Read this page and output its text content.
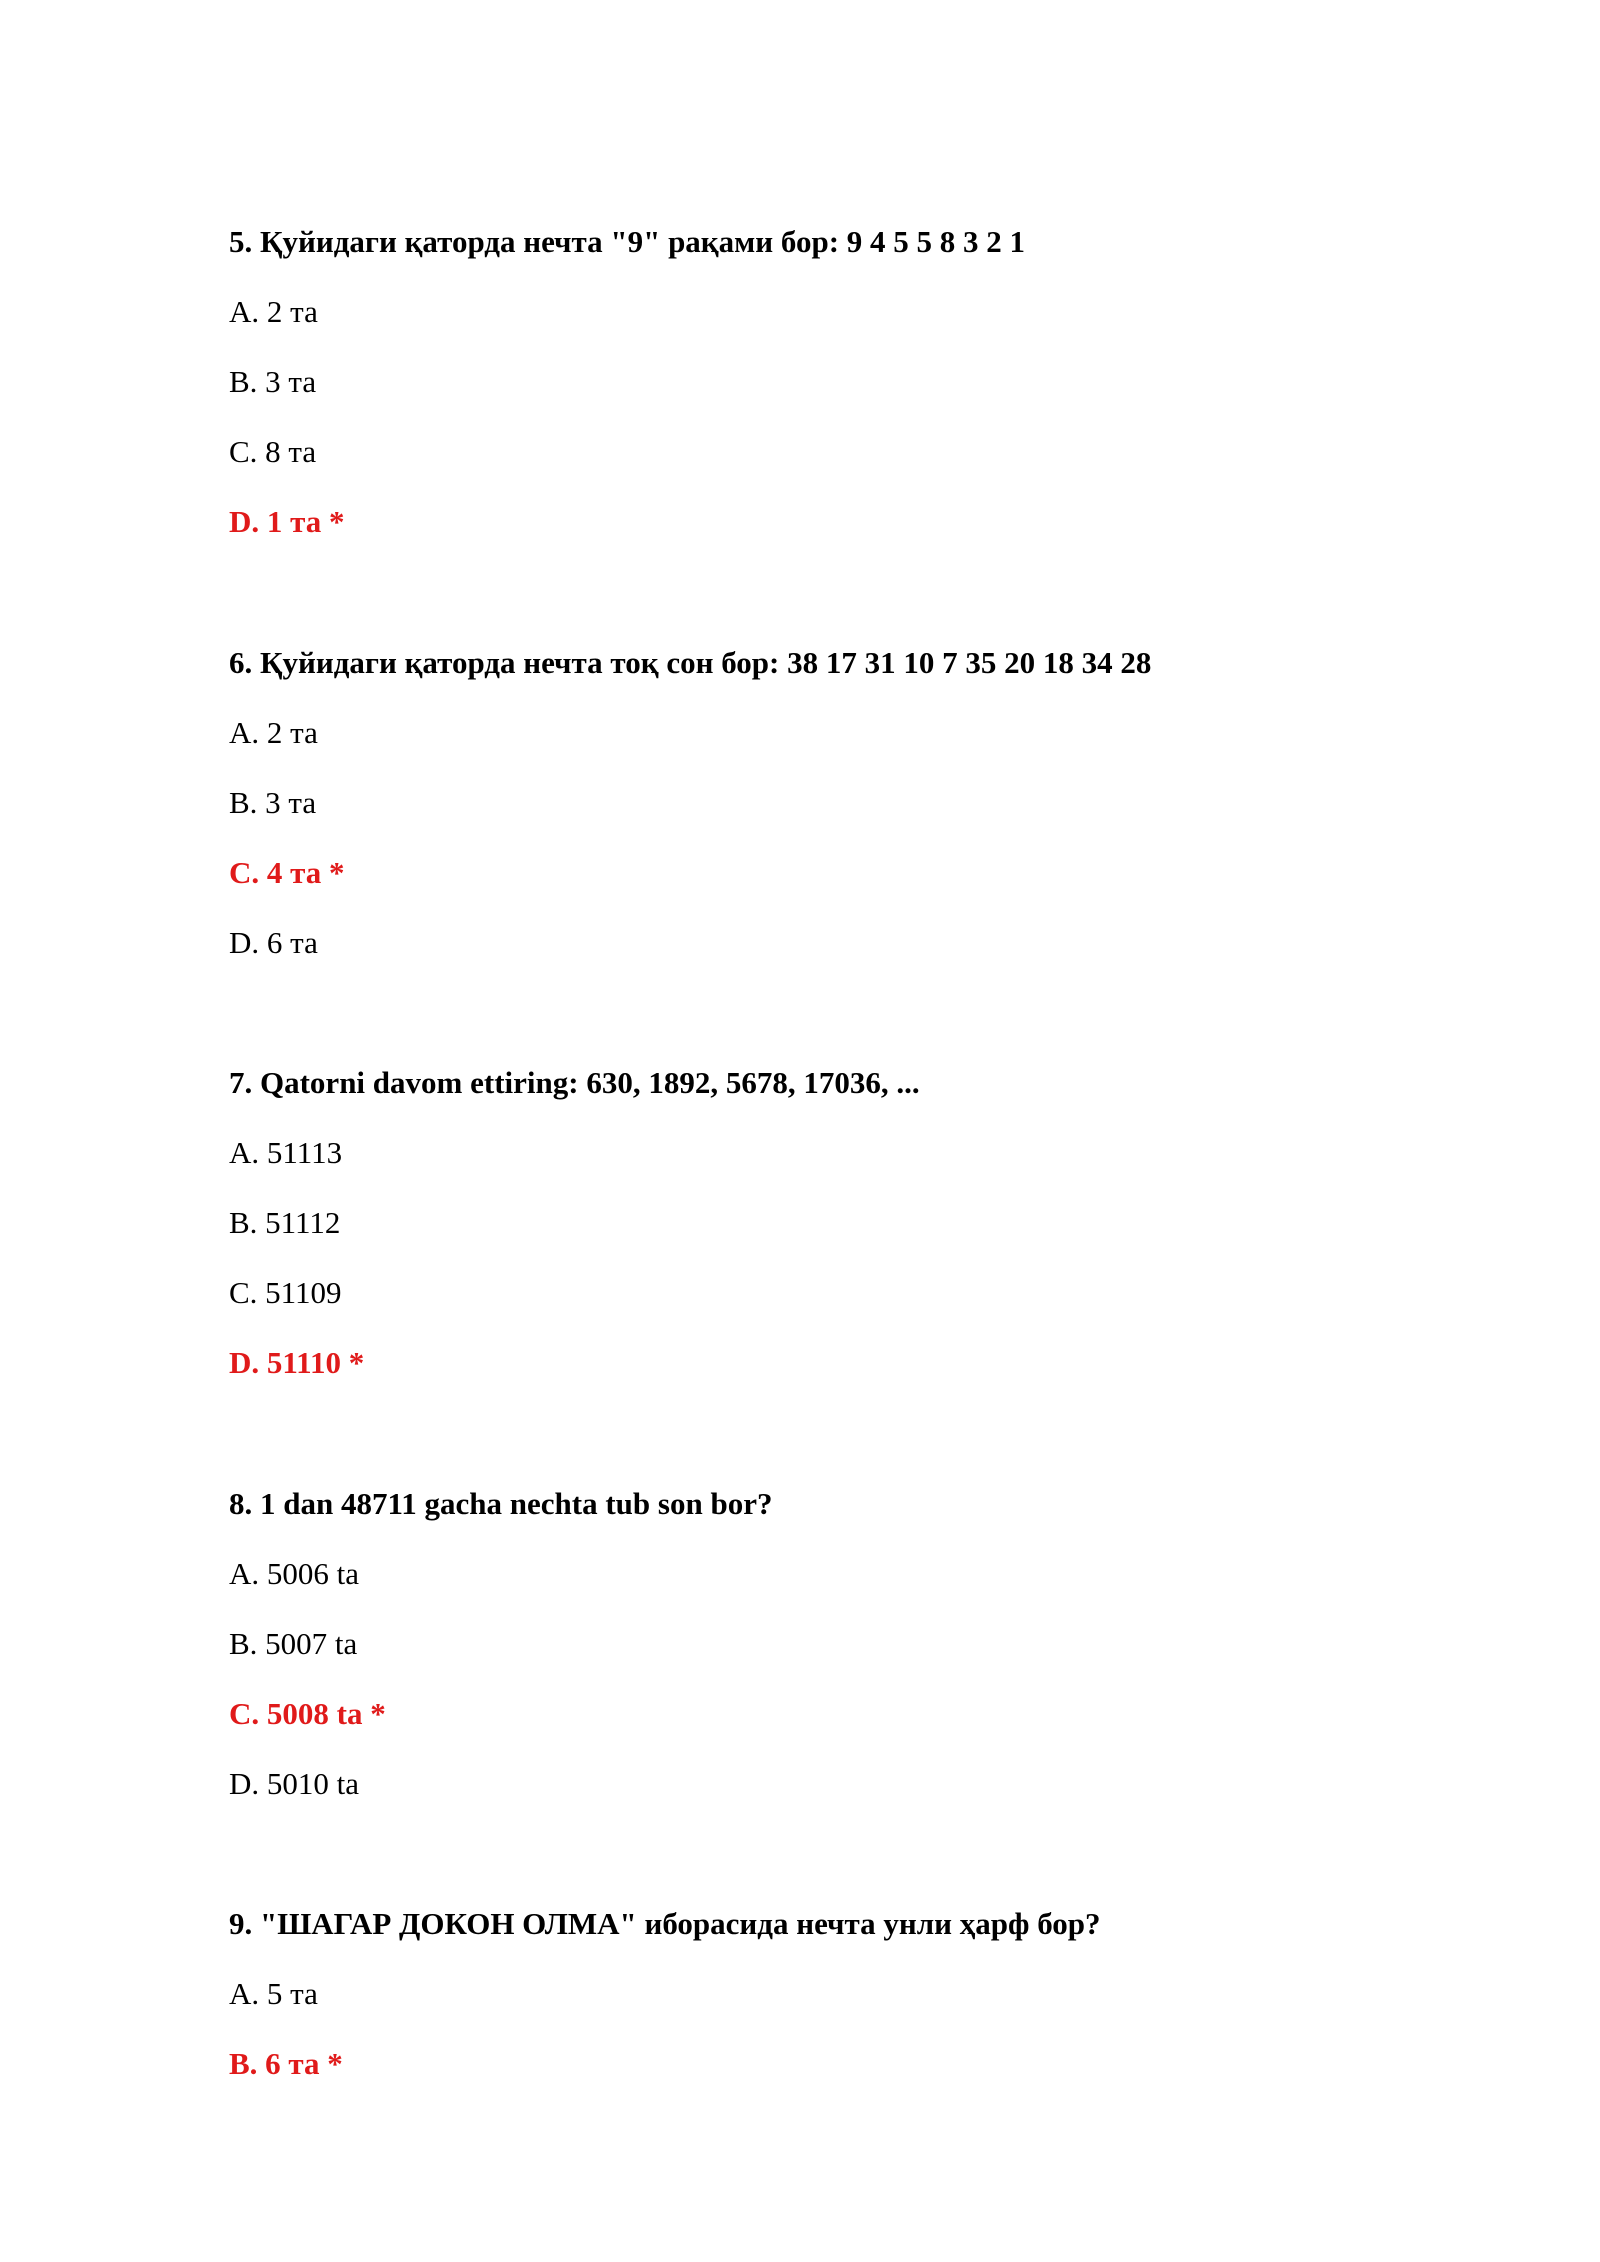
5. Қуйидаги қаторда нечта "9" рақами бор: 9 4 5 5 8 3 2 1

A. 2 та
B. 3 та
C. 8 та
D. 1 та *

6. Қуйидаги қаторда нечта тоқ сон бор: 38 17 31 10 7 35 20 18 34 28

A. 2 та
B. 3 та
C. 4 та *
D. 6 та

7. Qatorni davom ettiring: 630, 1892, 5678, 17036, ...

A. 51113
B. 51112
C. 51109
D. 51110 *

8. 1 dan 48711 gacha nechta tub son bor?

A. 5006 ta
B. 5007 ta
C. 5008 ta *
D. 5010 ta

9. "ШАГАР ДОКОН ОЛМА" иборасида нечта унли ҳарф бор?

A. 5 та
B. 6 та *
